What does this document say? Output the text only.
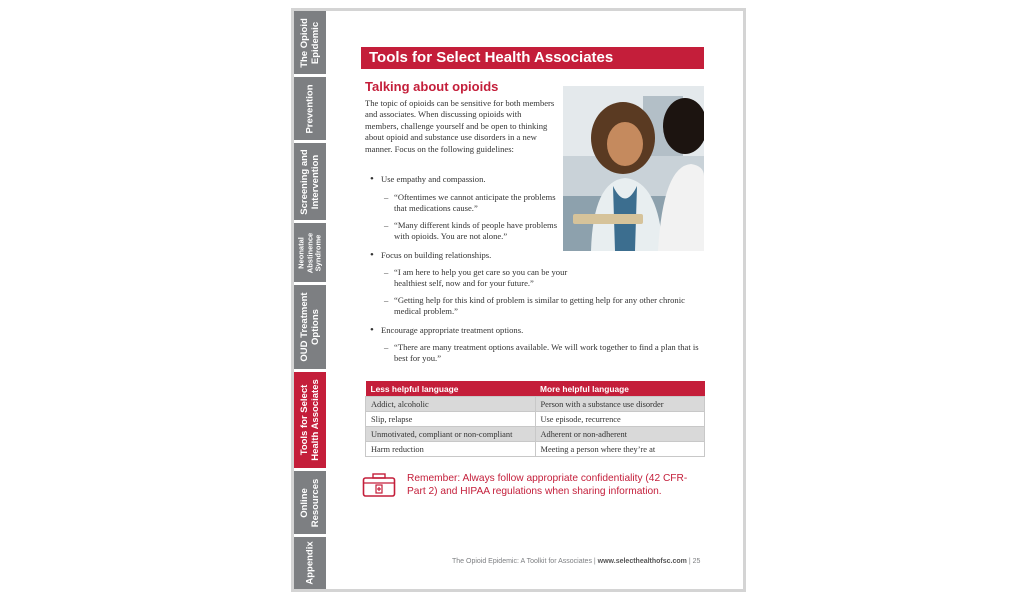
The Opioid
Epidemic
Prevention
Screening and
Intervention
Neonatal
Abstinence
Syndrome
OUD Treatment
Options
Tools for Select
Health Associates
Online
Resources
Appendix
Tools for Select Health Associates
Talking about opioids

The topic of opioids can be sensitive for both members and associates. When discussing opioids with members, challenge yourself and be open to thinking about opioid and substance use disorders in a new manner. Focus on the following guidelines:

• Use empathy and compassion.
– “Oftentimes we cannot anticipate the problems that medications cause.”
– “Many different kinds of people have problems with opioids. You are not alone.”
• Focus on building relationships.
– “I am here to help you get care so you can be your healthiest self, now and for your future.”
– “Getting help for this kind of problem is similar to getting help for any other chronic medical problem.”
• Encourage appropriate treatment options.
– “There are many treatment options available. We will work together to find a plan that is best for you.”
Less helpful language	More helpful language
Addict, alcoholic	Person with a substance use disorder
Slip, relapse	Use episode, recurrence
Unmotivated, compliant or non-compliant	Adherent or non-adherent
Harm reduction	Meeting a person where they’re at
Remember: Always follow appropriate confidentiality (42 CFR-Part 2) and HIPAA regulations when sharing information.
The Opioid Epidemic: A Toolkit for Associates | www.selecthealthofsc.com | 25
